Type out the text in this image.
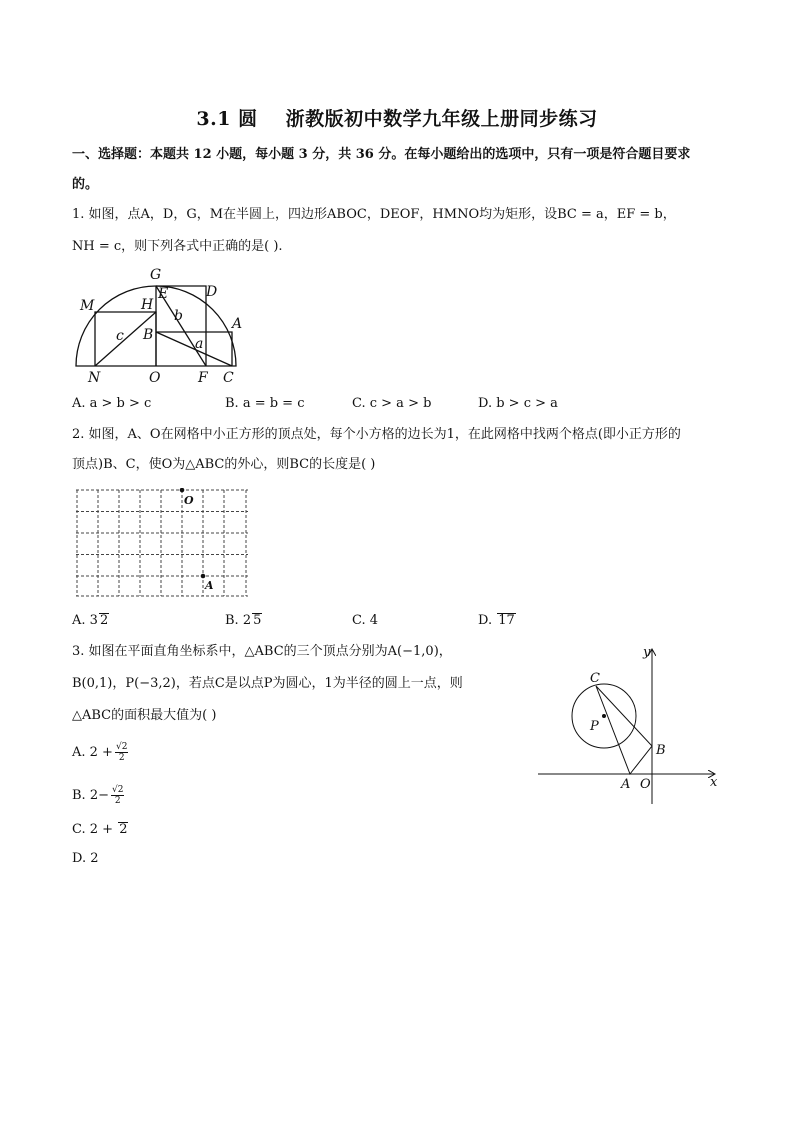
3.1 圆 浙教版初中数学九年级上册同步练习
一、选择题：本题共 12 小题，每小题 3 分，共 36 分。在每小题给出的选项中，只有一项是符合题目要求
的。
1. 如图，点A，D，G，M在半圆上，四边形ABOC，DEOF，HMNO均为矩形，设BC = a，EF = b，
NH = c，则下列各式中正确的是( ).
G
M	H
E	D
A
B
b
c	a
N	O	F C
A. a > b > c	B. a = b = c	C. c > a > b	D. b > c > a
2. 如图，A、O在网格中小正方形的顶点处，每个小方格的边长为1，在此网格中找两个格点(即小正方形的
顶点)B、C，使O为△ABC的外心，则BC的长度是( )
O
A
A. 3 2	B. 2 5	C. 4	D. 17
3. 如图在平面直角坐标系中，△ABC的三个顶点分别为A(−1,0)，
B(0,1)，P(−3,2)，若点C是以点P为圆心，1为半径的圆上一点，则
△ABC的面积最大值为( )
y
x
C
P
B
A O
A. $2 + \frac{√2}{2}$
B. $2- \frac{√2}{2}$
C. 2 + 2
D. 2
